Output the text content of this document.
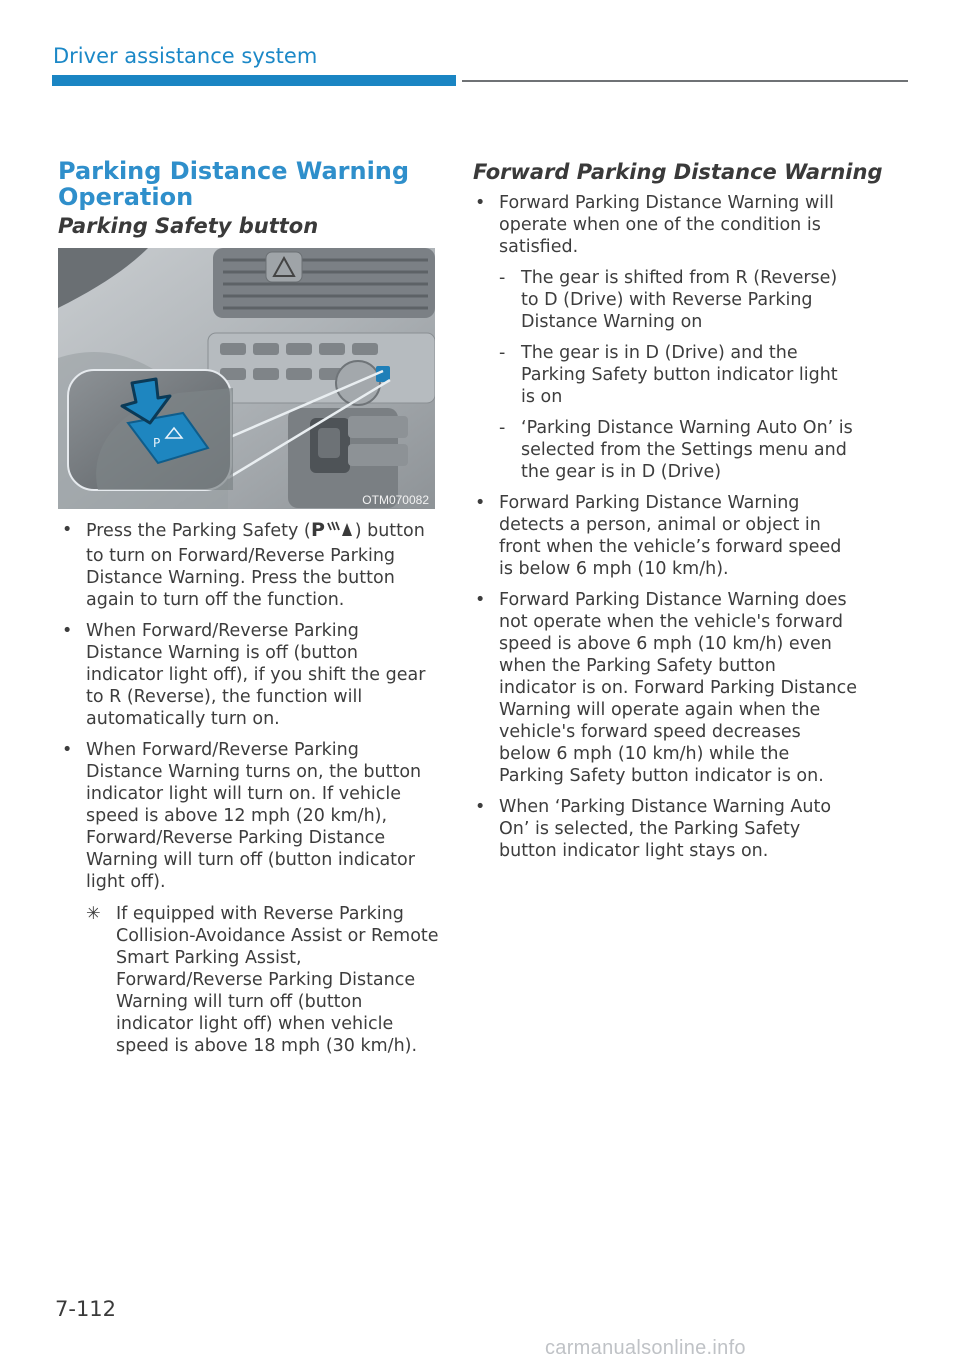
Driver assistance system
Parking Distance Warning Operation
Parking Safety button
P
OTM070082
• Press the Parking Safety ( P ) button to turn on Forward/Reverse Parking Distance Warning. Press the button again to turn off the function.
• When Forward/Reverse Parking Distance Warning is off (button indicator light off), if you shift the gear to R (Reverse), the function will automatically turn on.
• When Forward/Reverse Parking Distance Warning turns on, the button indicator light will turn on. If vehicle speed is above 12 mph (20 km/h), Forward/Reverse Parking Distance Warning will turn off (button indicator light off).
✳ If equipped with Reverse Parking Collision-Avoidance Assist or Remote Smart Parking Assist, Forward/Reverse Parking Distance Warning will turn off (button indicator light off) when vehicle speed is above 18 mph (30 km/h).
Forward Parking Distance Warning
• Forward Parking Distance Warning will operate when one of the condition is satisfied.
- The gear is shifted from R (Reverse) to D (Drive) with Reverse Parking Distance Warning on
- The gear is in D (Drive) and the Parking Safety button indicator light is on
- ‘Parking Distance Warning Auto On’ is selected from the Settings menu and the gear is in D (Drive)
• Forward Parking Distance Warning detects a person, animal or object in front when the vehicle’s forward speed is below 6 mph (10 km/h).
• Forward Parking Distance Warning does not operate when the vehicle's forward speed is above 6 mph (10 km/h) even when the Parking Safety button indicator is on. Forward Parking Distance Warning will operate again when the vehicle's forward speed decreases below 6 mph (10 km/h) while the Parking Safety button indicator is on.
• When ‘Parking Distance Warning Auto On’ is selected, the Parking Safety button indicator light stays on.
7-112
carmanualsonline.info
